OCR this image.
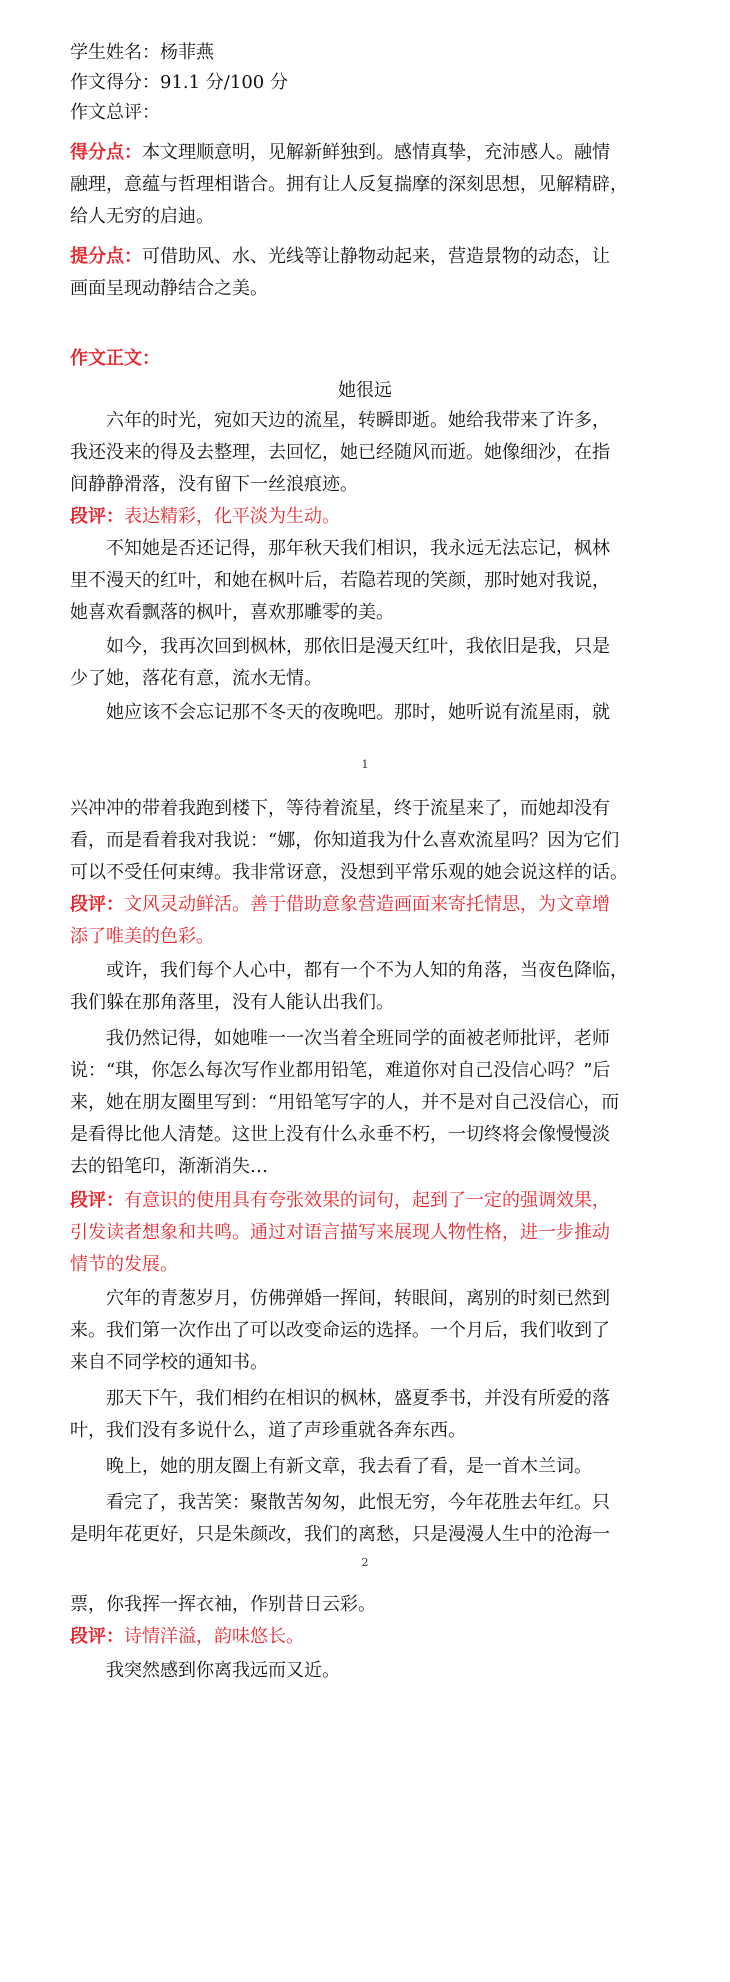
学生姓名：杨菲燕
作文得分：91.1 分/100 分
作文总评：
得分点：本文理顺意明，见解新鲜独到。感情真挚，充沛感人。融情
融理，意蕴与哲理相谐合。拥有让人反复揣摩的深刻思想，见解精辟，
给人无穷的启迪。
提分点：可借助风、水、光线等让静物动起来，营造景物的动态，让
画面呈现动静结合之美。
作文正文：
她很远
　　六年的时光，宛如天边的流星，转瞬即逝。她给我带来了许多，
我还没来的得及去整理，去回忆，她已经随风而逝。她像细沙，在指
间静静滑落，没有留下一丝浪痕迹。
段评：表达精彩，化平淡为生动。
　　不知她是否还记得，那年秋天我们相识，我永远无法忘记，枫林
里不漫天的红叶，和她在枫叶后，若隐若现的笑颜，那时她对我说，
她喜欢看飘落的枫叶，喜欢那雕零的美。
　　如今，我再次回到枫林，那依旧是漫天红叶，我依旧是我，只是
少了她，落花有意，流水无情。
　　她应该不会忘记那不冬天的夜晚吧。那时，她听说有流星雨，就
1
兴冲冲的带着我跑到楼下，等待着流星，终于流星来了，而她却没有
看，而是看着我对我说：“娜，你知道我为什么喜欢流星吗？因为它们
可以不受任何束缚。我非常讶意，没想到平常乐观的她会说这样的话。
段评：文风灵动鲜活。善于借助意象营造画面来寄托情思，为文章增
添了唯美的色彩。
　　或许，我们每个人心中，都有一个不为人知的角落，当夜色降临，
我们躲在那角落里，没有人能认出我们。
　　我仍然记得，如她唯一一次当着全班同学的面被老师批评，老师
说：“琪，你怎么每次写作业都用铅笔，难道你对自己没信心吗？”后
来，她在朋友圈里写到：“用铅笔写字的人，并不是对自己没信心，而
是看得比他人清楚。这世上没有什么永垂不朽，一切终将会像慢慢淡
去的铅笔印，渐渐消失…
段评：有意识的使用具有夸张效果的词句，起到了一定的强调效果，
引发读者想象和共鸣。通过对语言描写来展现人物性格，进一步推动
情节的发展。
　　穴年的青葱岁月，仿佛弹婚一挥间，转眼间，离别的时刻已然到
来。我们第一次作出了可以改变命运的选择。一个月后，我们收到了
来自不同学校的通知书。
　　那天下午，我们相约在相识的枫林，盛夏季书，并没有所爱的落
叶，我们没有多说什么，道了声珍重就各奔东西。
　　晚上，她的朋友圈上有新文章，我去看了看，是一首木兰词。
　　看完了，我苦笑：聚散苦匆匆，此恨无穷，今年花胜去年红。只
是明年花更好，只是朱颜改，我们的离愁，只是漫漫人生中的沧海一
2
票，你我挥一挥衣袖，作别昔日云彩。
段评：诗情洋溢，韵味悠长。
　　我突然感到你离我远而又近。
